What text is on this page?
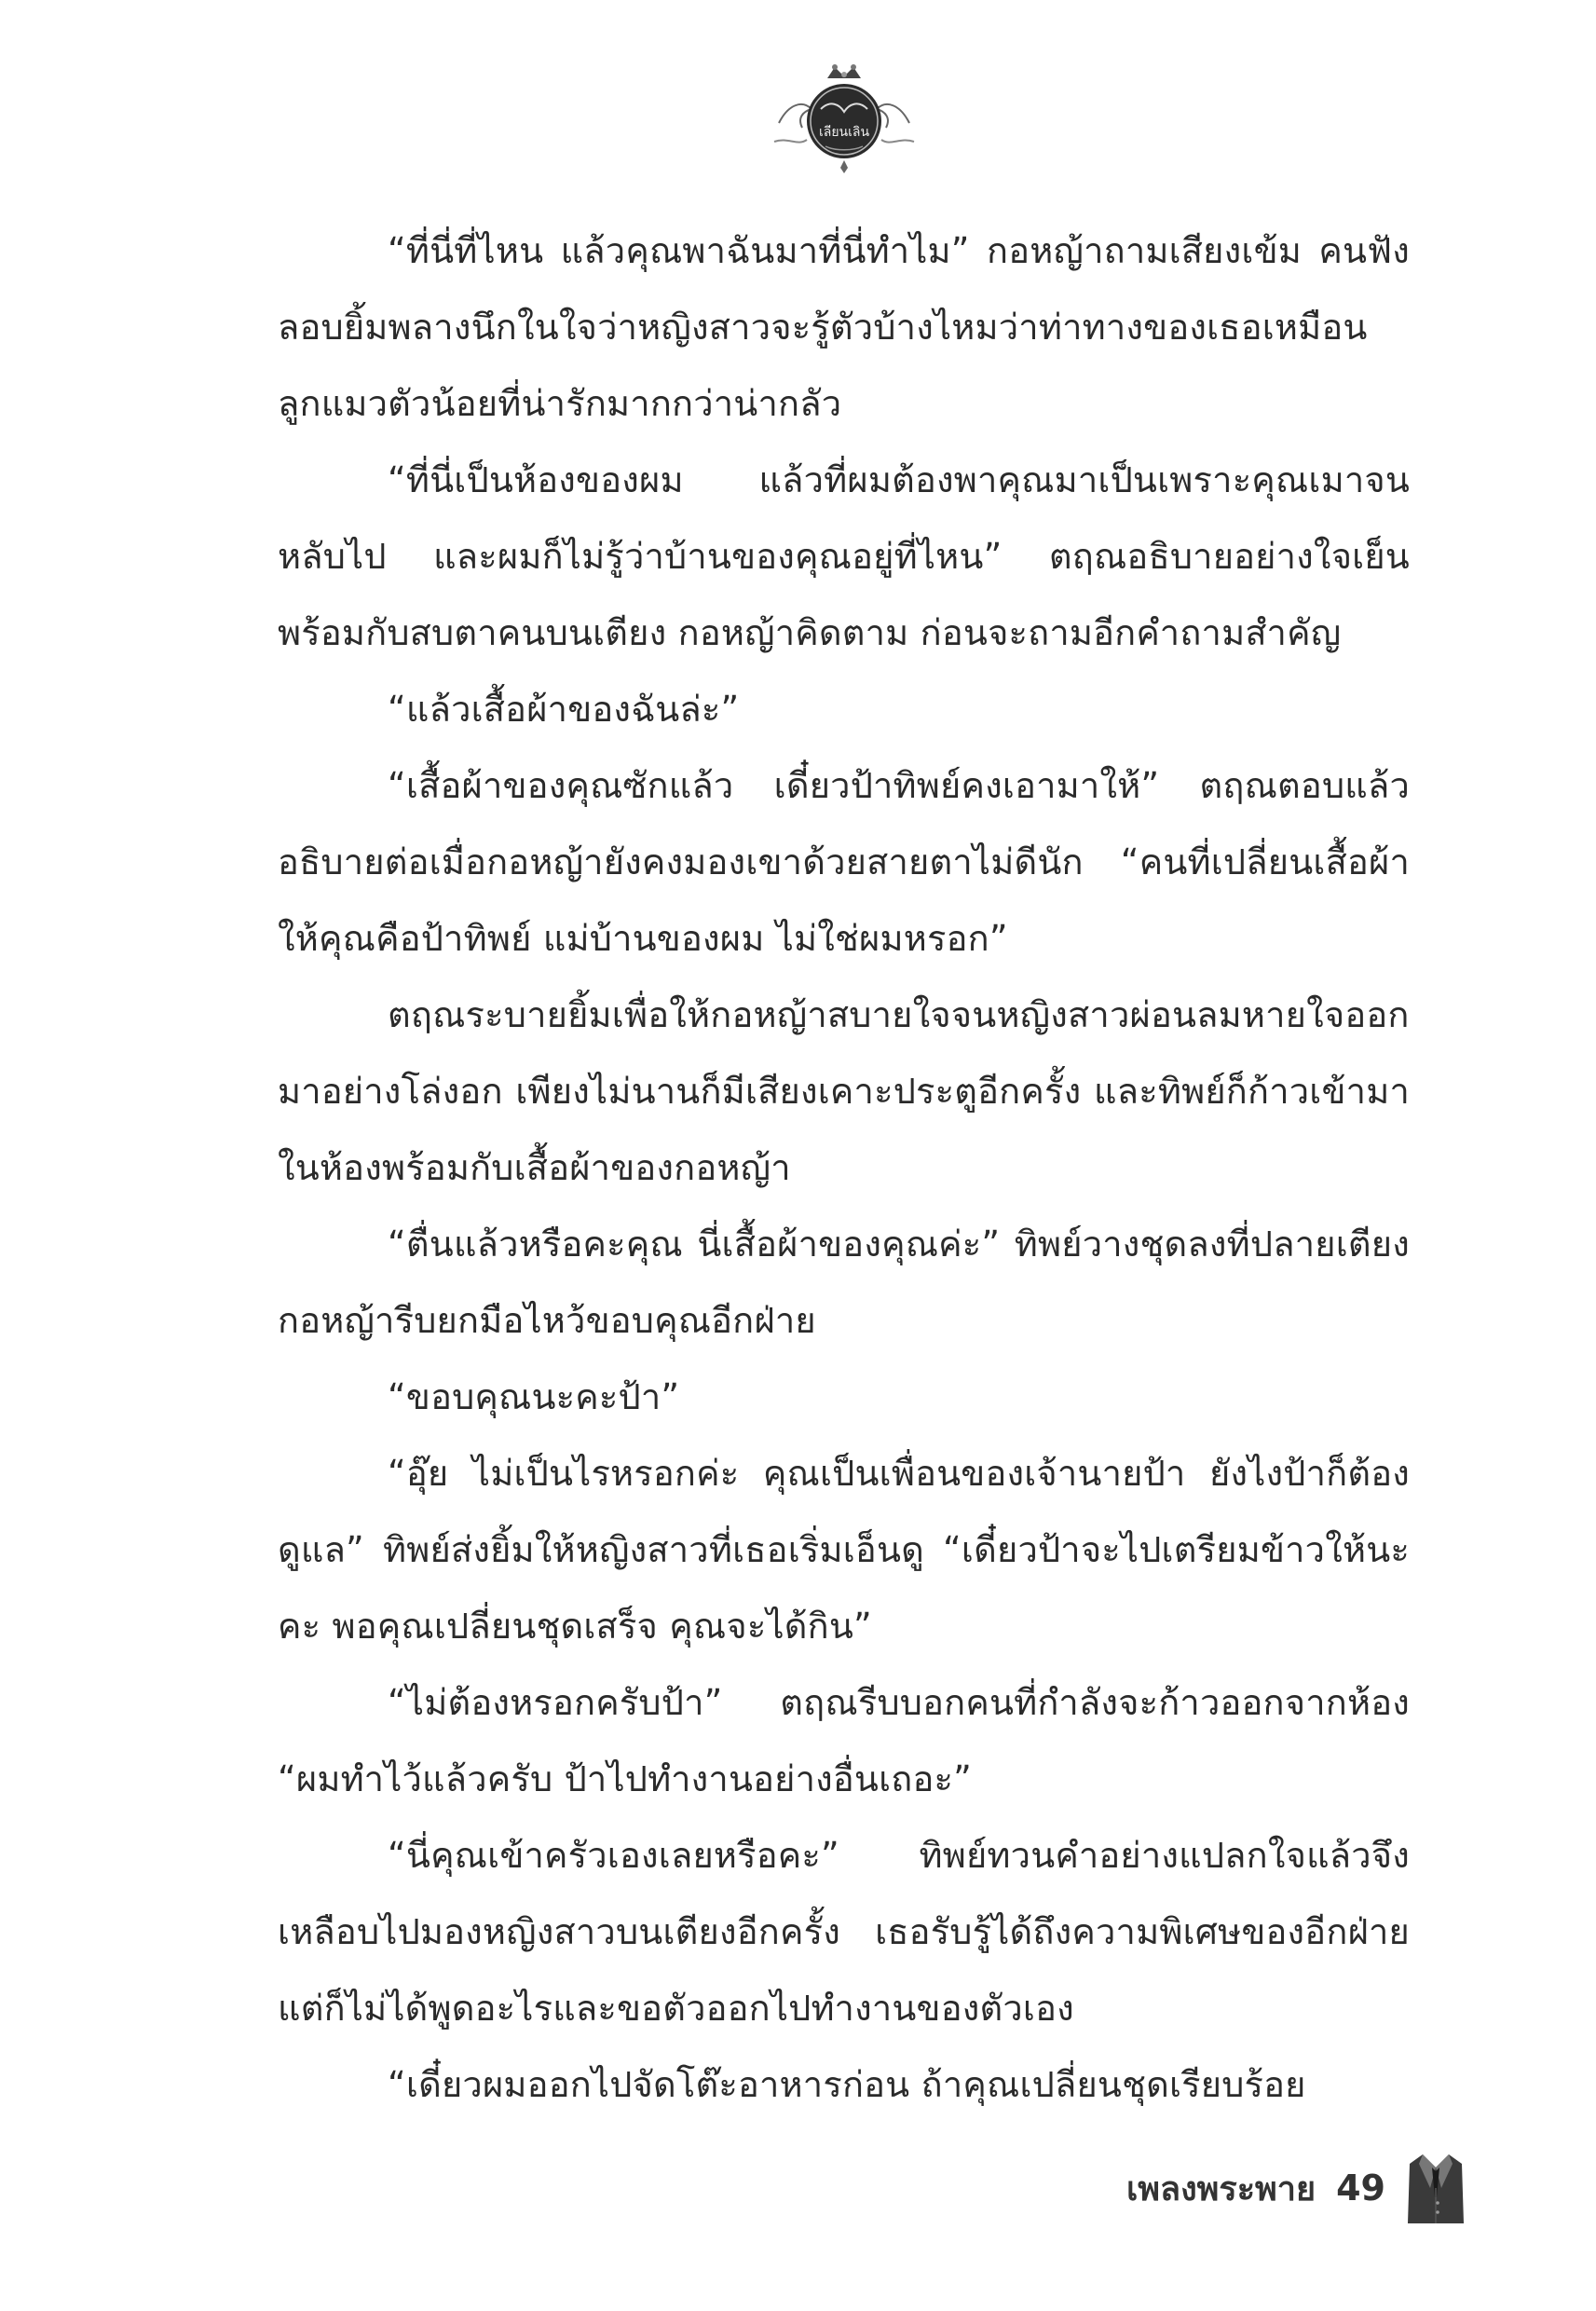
เลียนเลิน

“ที่นี่ที่ไหน แล้วคุณพาฉันมาที่นี่ทำไม” กอหญ้าถามเสียงเข้ม คนฟังลอบยิ้มพลางนึกในใจว่าหญิงสาวจะรู้ตัวบ้างไหมว่าท่าทางของเธอเหมือนลูกแมวตัวน้อยที่น่ารักมากกว่าน่ากลัว

“ที่นี่เป็นห้องของผม แล้วที่ผมต้องพาคุณมาเป็นเพราะคุณเมาจนหลับไป และผมก็ไม่รู้ว่าบ้านของคุณอยู่ที่ไหน” ตฤณอธิบายอย่างใจเย็นพร้อมกับสบตาคนบนเตียง กอหญ้าคิดตาม ก่อนจะถามอีกคำถามสำคัญ

“แล้วเสื้อผ้าของฉันล่ะ”

“เสื้อผ้าของคุณซักแล้ว เดี๋ยวป้าทิพย์คงเอามาให้” ตฤณตอบแล้วอธิบายต่อเมื่อกอหญ้ายังคงมองเขาด้วยสายตาไม่ดีนัก “คนที่เปลี่ยนเสื้อผ้าให้คุณคือป้าทิพย์ แม่บ้านของผม ไม่ใช่ผมหรอก”

ตฤณระบายยิ้มเพื่อให้กอหญ้าสบายใจจนหญิงสาวผ่อนลมหายใจออกมาอย่างโล่งอก เพียงไม่นานก็มีเสียงเคาะประตูอีกครั้ง และทิพย์ก็ก้าวเข้ามาในห้องพร้อมกับเสื้อผ้าของกอหญ้า

“ตื่นแล้วหรือคะคุณ นี่เสื้อผ้าของคุณค่ะ” ทิพย์วางชุดลงที่ปลายเตียง กอหญ้ารีบยกมือไหว้ขอบคุณอีกฝ่าย

“ขอบคุณนะคะป้า”

“อุ๊ย ไม่เป็นไรหรอกค่ะ คุณเป็นเพื่อนของเจ้านายป้า ยังไงป้าก็ต้องดูแล” ทิพย์ส่งยิ้มให้หญิงสาวที่เธอเริ่มเอ็นดู “เดี๋ยวป้าจะไปเตรียมข้าวให้นะคะ พอคุณเปลี่ยนชุดเสร็จ คุณจะได้กิน”

“ไม่ต้องหรอกครับป้า” ตฤณรีบบอกคนที่กำลังจะก้าวออกจากห้อง “ผมทำไว้แล้วครับ ป้าไปทำงานอย่างอื่นเถอะ”

“นี่คุณเข้าครัวเองเลยหรือคะ” ทิพย์ทวนคำอย่างแปลกใจแล้วจึงเหลือบไปมองหญิงสาวบนเตียงอีกครั้ง เธอรับรู้ได้ถึงความพิเศษของอีกฝ่าย แต่ก็ไม่ได้พูดอะไรและขอตัวออกไปทำงานของตัวเอง

“เดี๋ยวผมออกไปจัดโต๊ะอาหารก่อน ถ้าคุณเปลี่ยนชุดเรียบร้อย

เพลงพระพาย 49
